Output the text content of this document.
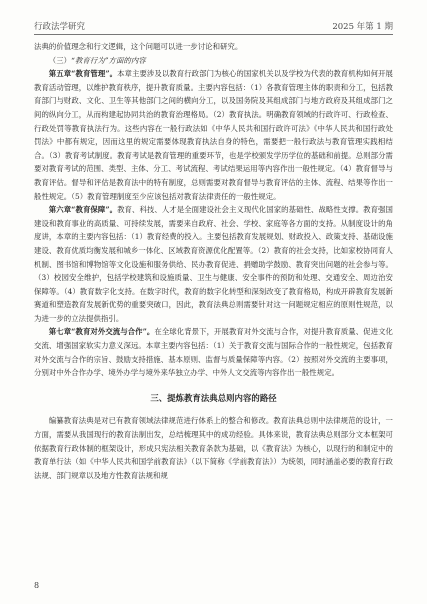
行政法学研究	2025 年第 1 期

法典的价值理念和行文逻辑，这个问题可以进一步讨论和研究。

（三）“教育行为”方面的内容

第五章“教育管理”。本章主要涉及以教育行政部门为核心的国家机关以及学校为代表的教育机构如何开展教育活动管理，以维护教育秩序，提升教育质量。主要内容包括：（1）各教育管理主体的职责和分工，包括教育部门与财政、文化、卫生等其他部门之间的横向分工，以及国务院及其组成部门与地方政府及其组成部门之间的纵向分工，从而构建起协同共治的教育治理格局。（2）教育执法。明确教育领域的行政许可、行政检查、行政处罚等教育执法行为。这些内容在一般行政法如《中华人民共和国行政许可法》《中华人民共和国行政处罚法》中都有规定，因而这里的规定需要体现教育执法自身的特色，需要把一般行政法与教育管理实践相结合。（3）教育考试制度。教育考试是教育管理的重要环节，也是学校颁发学历学位的基础和前提。总则部分需要对教育考试的范围、类型、主体、分工、考试流程、考试结果运用等内容作出一般性规定。（4）教育督导与教育评估。督导和评估是教育法中的特有制度，总则需要对教育督导与教育评估的主体、流程、结果等作出一般性规定。（5）教育管理制度至少应该包括对教育法律责任的一般性规定。

第六章“教育保障”。教育、科技、人才是全面建设社会主义现代化国家的基础性、战略性支撑。教育强国建设和教育事业的高质量、可持续发展，需要来自政府、社会、学校、家庭等各方面的支持。从制度设计的角度讲，本章的主要内容包括：（1）教育经费的投入。主要包括教育发展规划、财政投入、政策支持、基础设施建设、教育优质均衡发展和城乡一体化、区域教育资源优化配置等。（2）教育的社会支持，比如家校协同育人机制、图书馆和博物馆等文化设施和服务供给、民办教育促进、捐赠助学鼓励、教育突出问题的社会参与等。（3）校园安全维护，包括学校建筑和设施质量、卫生与健康、安全事件的预防和处理、交通安全、周边治安保障等。（4）教育数字化支持。在数字时代，教育的数字化转型和深刻改变了教育格局，构成开辟教育发展新赛道和塑造教育发展新优势的重要突破口，因此，教育法典总则需要针对这一问题规定相应的原则性规范，以为进一步的立法提供指引。

第七章“教育对外交流与合作”。在全球化背景下，开展教育对外交流与合作，对提升教育质量、促进文化交流、增强国家软实力意义深远。本章主要内容包括：（1）关于教育交流与国际合作的一般性规定，包括教育对外交流与合作的宗旨、鼓励支持措施、基本原则、监督与质量保障等内容。（2）按照对外交流的主要事项，分别对中外合作办学、境外办学与境外来华独立办学、中外人文交流等内容作出一般性规定。

三、提炼教育法典总则内容的路径

编纂教育法典是对已有教育领域法律规范进行体系上的整合和修改。教育法典总则中法律规范的设计，一方面，需要从我国现行的教育法制出发，总结梳理其中的成功经验。具体来说，教育法典总则部分文本框架可依据教育行政体制的框架设计，形成只宪法相关教育条款为基础，以《教育法》为核心，以现行的和制定中的教育单行法（如《中华人民共和国学前教育法》（以下简称《学前教育法》）为统领，同时涵盖必要的教育行政法规、部门规章以及地方性教育法规和规

8
